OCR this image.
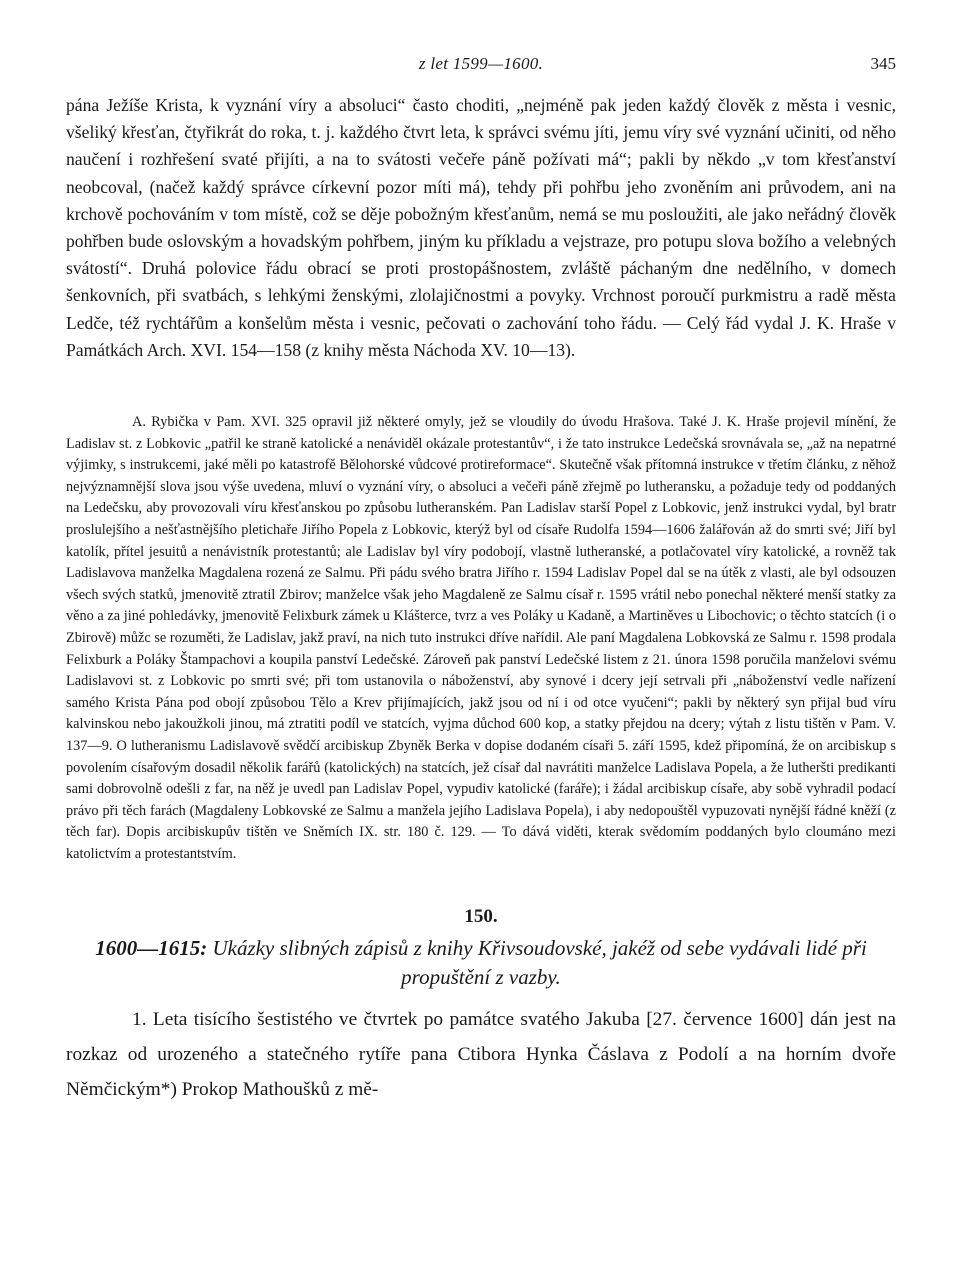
z let 1599—1600.	345

pána Ježíše Krista, k vyznání víry a absoluci“ často choditi, „nejméně pak jeden každý člověk z města i vesnic, všeliký křesťan, čtyřikrát do roka, t. j. každého čtvrt leta, k správci svému jíti, jemu víry své vyznání učiniti, od něho naučení i rozhřešení svaté přijíti, a na to svátosti večeře páně požívati má“; pakli by někdo „v tom křesťanství neobcoval, (načež každý správce církevní pozor míti má), tehdy při pohřbu jeho zvoněním ani průvodem, ani na krchově pochováním v tom místě, což se děje pobožným křesťanům, nemá se mu posloužiti, ale jako neřádný člověk pohřben bude oslovským a hovadským pohřbem, jiným ku příkladu a vejstraze, pro potupu slova božího a velebných svátostí“. Druhá polovice řádu obrací se proti prostopášnostem, zvláště páchaným dne nedělního, v domech šenkovních, při svatbách, s lehkými ženskými, zlolajičnostmi a povyky. Vrchnost poroučí purkmistru a radě města Ledče, též rychtářům a konšelům města i vesnic, pečovati o zachování toho řádu. — Celý řád vydal J. K. Hraše v Památkách Arch. XVI. 154—158 (z knihy města Náchoda XV. 10—13).

A. Rybička v Pam. XVI. 325 opravil již některé omyly, jež se vloudily do úvodu Hrašova. Také J. K. Hraše projevil mínění, že Ladislav st. z Lobkovic „patřil ke straně katolické a nenáviděl okázale protestantův“, i že tato instrukce Ledečská srovnávala se, „až na nepatrné výjimky, s instrukcemi, jaké měli po katastrofě Bělohorské vůdcové protireformace“. Skutečně však přítomná instrukce v třetím článku, z něhož nejvýznamnější slova jsou výše uvedena, mluví o vyznání víry, o absoluci a večeři páně zřejmě po lutheransku, a požaduje tedy od poddaných na Ledečsku, aby provozovali víru křesťanskou po způsobu lutheranském. Pan Ladislav starší Popel z Lobkovic, jenž instrukci vydal, byl bratr proslulejšího a nešťastnějšího pletichaře Jiřího Popela z Lobkovic, kterýž byl od císaře Rudolfa 1594—1606 žalářován až do smrti své; Jiří byl katolík, přítel jesuitů a nenávistník protestantů; ale Ladislav byl víry podobojí, vlastně lutheranské, a potlačovatel víry katolické, a rovněž tak Ladislavova manželka Magdalena rozená ze Salmu. Při pádu svého bratra Jiřího r. 1594 Ladislav Popel dal se na útěk z vlasti, ale byl odsouzen všech svých statků, jmenovitě ztratil Zbirov; manželce však jeho Magdaleně ze Salmu císař r. 1595 vrátil nebo ponechal některé menší statky za věno a za jiné pohledávky, jmenovitě Felixburk zámek u Klášterce, tvrz a ves Poláky u Kadaně, a Martiněves u Libochovic; o těchto statcích (i o Zbirově) můžc se rozuměti, že Ladislav, jakž praví, na nich tuto instrukci dříve nařídil. Ale paní Magdalena Lobkovská ze Salmu r. 1598 prodala Felixburk a Poláky Štampachovi a koupila panství Ledečské. Zároveň pak panství Ledečské listem z 21. února 1598 poručila manželovi svému Ladislavovi st. z Lobkovic po smrti své; při tom ustanovila o náboženství, aby synové i dcery její setrvali při „náboženství vedle nařízení samého Krista Pána pod obojí způsobou Tělo a Krev přijímajících, jakž jsou od ní i od otce vyučeni“; pakli by některý syn přijal bud víru kalvinskou nebo jakoužkoli jinou, má ztratiti podíl ve statcích, vyjma důchod 600 kop, a statky přejdou na dcery; výtah z listu tištěn v Pam. V. 137—9. O lutheranismu Ladislavově svědčí arcibiskup Zbyněk Berka v dopise dodaném císaři 5. září 1595, kdež připomíná, že on arcibiskup s povolením císařovým dosadil několik farářů (katolických) na statcích, jež císař dal navrátiti manželce Ladislava Popela, a že lutheršti predikanti sami dobrovolně odešli z far, na něž je uvedl pan Ladislav Popel, vypudiv katolické (faráře); i žádal arcibiskup císaře, aby sobě vyhradil podací právo při těch farách (Magdaleny Lobkovské ze Salmu a manžela jejího Ladislava Popela), i aby nedopouštěl vypuzovati nynější řádné kněží (z těch far). Dopis arcibiskupův tištěn ve Sněmích IX. str. 180 č. 129. — To dává viděti, kterak svědomím poddaných bylo cloumáno mezi katolictvím a protestantstvím.

150.
1600—1615: Ukázky slibných zápisů z knihy Křivsoudovské, jakéž od sebe vydávali lidé při propuštění z vazby.

1. Leta tisícího šestistého ve čtvrtek po památce svatého Jakuba [27. července 1600] dán jest na rozkaz od urozeného a statečného rytíře pana Ctibora Hynka Čáslava z Podolí a na horním dvoře Němčickým*) Prokop Mathoušků z mě-
